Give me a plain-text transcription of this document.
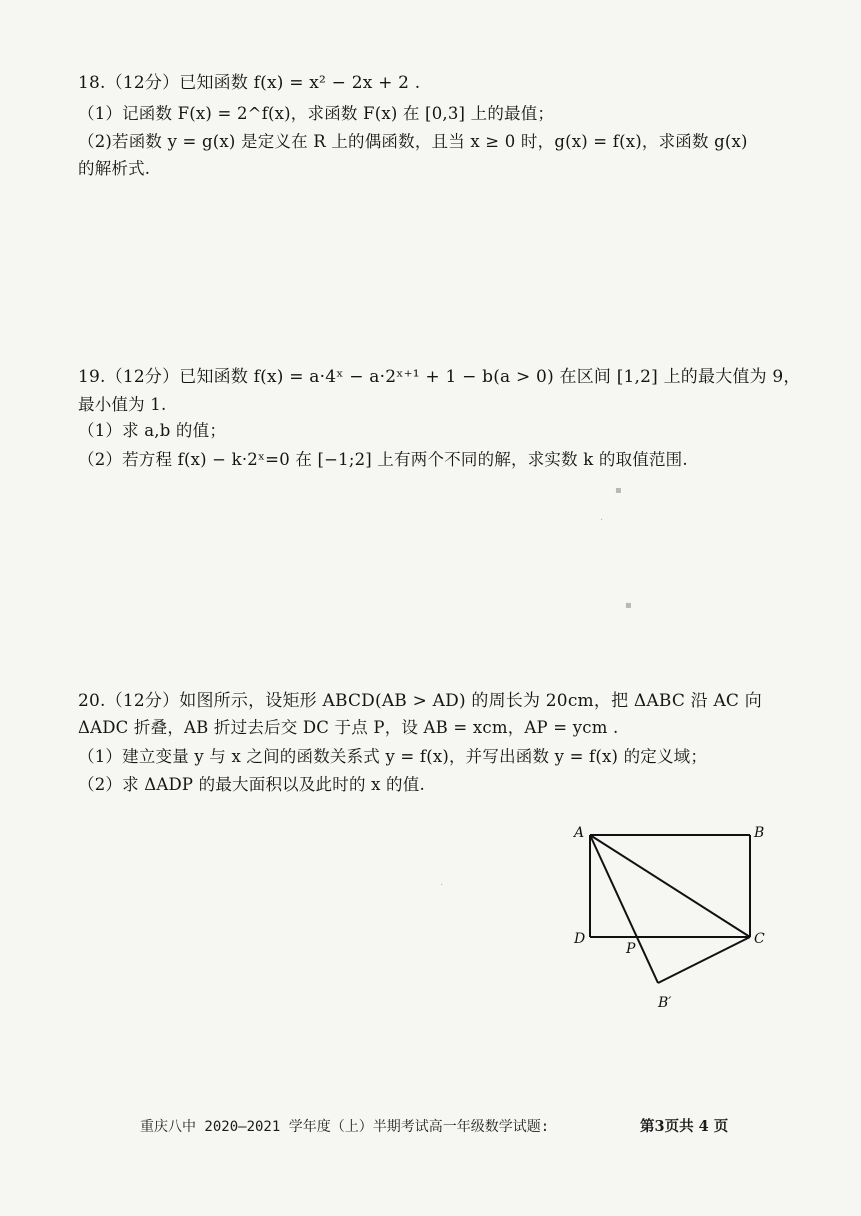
18.（12分）已知函数 f(x) = x² − 2x + 2 .
（1）记函数 F(x) = 2^f(x)，求函数 F(x) 在 [0,3] 上的最值；
（2)若函数 y = g(x) 是定义在 R 上的偶函数，且当 x ≥ 0 时，g(x) = f(x)，求函数 g(x)
的解析式.
19.（12分）已知函数 f(x) = a·4ˣ − a·2ˣ⁺¹ + 1 − b(a > 0) 在区间 [1,2] 上的最大值为 9，
最小值为 1.
（1）求 a,b 的值；
（2）若方程 f(x) − k·2ˣ=0 在 [−1;2] 上有两个不同的解，求实数 k 的取值范围.
20.（12分）如图所示，设矩形 ABCD(AB > AD) 的周长为 20cm，把 ΔABC 沿 AC 向
ΔADC 折叠，AB 折过去后交 DC 于点 P，设 AB = xcm，AP = ycm .
（1）建立变量 y 与 x 之间的函数关系式 y = f(x)，并写出函数 y = f(x) 的定义域；
（2）求 ΔADP 的最大面积以及此时的 x 的值.
▪
·
▪
·
A	B
C
D
P
B′
重庆八中 2020—2021 学年度（上）半期考试高一年级数学试题:	第3页共 4 页
